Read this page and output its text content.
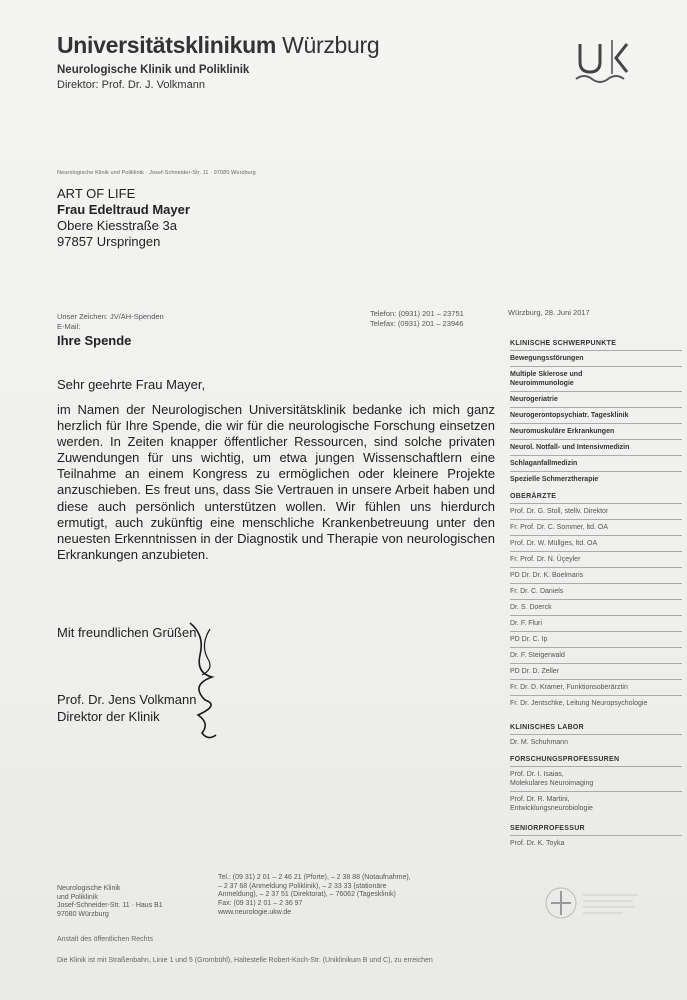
Universitätsklinikum Würzburg
Neurologische Klinik und Poliklinik
Direktor: Prof. Dr. J. Volkmann
Neurologische Klinik und Poliklinik · Josef-Schneider-Str. 11 · 97080 Würzburg
ART OF LIFE
Frau Edeltraud Mayer
Obere Kiesstraße 3a
97857 Urspringen
Unser Zeichen: JV/AH-Spenden
E-Mail:
Telefon: (0931) 201 – 23751
Telefax: (0931) 201 – 23946
Würzburg, 28. Juni 2017
Ihre Spende
Sehr geehrte Frau Mayer,
im Namen der Neurologischen Universitätsklinik bedanke ich mich ganz herzlich für Ihre Spende, die wir für die neurologische Forschung einsetzen werden. In Zeiten knapper öffentlicher Ressourcen, sind solche privaten Zuwendungen für uns wichtig, um etwa jungen Wissenschaftlern eine Teilnahme an einem Kongress zu ermöglichen oder kleinere Projekte anzuschieben. Es freut uns, dass Sie Vertrauen in unsere Arbeit haben und diese auch persönlich unterstützen wollen. Wir fühlen uns hierdurch ermutigt, auch zukünftig eine menschliche Krankenbetreuung unter den neuesten Erkenntnissen in der Diagnostik und Therapie von neurologischen Erkrankungen anzubieten.
Mit freundlichen Grüßen
Prof. Dr. Jens Volkmann
Direktor der Klinik
KLINISCHE SCHWERPUNKTE
Bewegungsstörungen
Multiple Sklerose und Neuroimmunologie
Neurogeriatrie
Neurogerontopsychiatr. Tagesklinik
Neuromuskuläre Erkrankungen
Neurol. Notfall- und Intensivmedizin
Schlaganfallmedizin
Spezielle Schmerztherapie
OBERÄRZTE
Prof. Dr. G. Stoll, stellv. Direktor
Fr. Prof. Dr. C. Sommer, ltd. OA
Prof. Dr. W. Müllges, ltd. OA
Fr. Prof. Dr. N. Üçeyler
PD Dr. Dr. K. Boelmans
Fr. Dr. C. Daniels
Dr. S. Doerck
Dr. F. Fluri
PD Dr. C. Ip
Dr. F. Steigerwald
PD Dr. D. Zeller
Fr. Dr. D. Kramer, Funktionsoberärztin
Fr. Dr. Jentschke, Leitung Neuropsychologie
KLINISCHES LABOR
Dr. M. Schuhmann
FORSCHUNGSPROFESSUREN
Prof. Dr. I. Isaias,
Molekulares Neuroimaging
Prof. Dr. R. Martini,
Entwicklungsneurobiologie
SENIORPROFESSUR
Prof. Dr. K. Toyka
Neurologische Klinik
und Poliklinik
Josef-Schneider-Str. 11 · Haus B1
97080 Würzburg
Tel.: (09 31) 2 01 – 2 46 21 (Pforte), – 2 38 88 (Notaufnahme),
– 2 37 68 (Anmeldung Poliklinik), – 2 33 33 (stationäre
Anmeldung), – 2 37 51 (Direktorat), – 76062 (Tagesklinik)
Fax: (09 31) 2 01 – 2 36 97
www.neurologie.ukw.de
Anstalt des öffentlichen Rechts
Die Klinik ist mit Straßenbahn, Linie 1 und 5 (Grombühl), Haltestelle Robert-Koch-Str. (Uniklinikum B und C), zu erreichen
